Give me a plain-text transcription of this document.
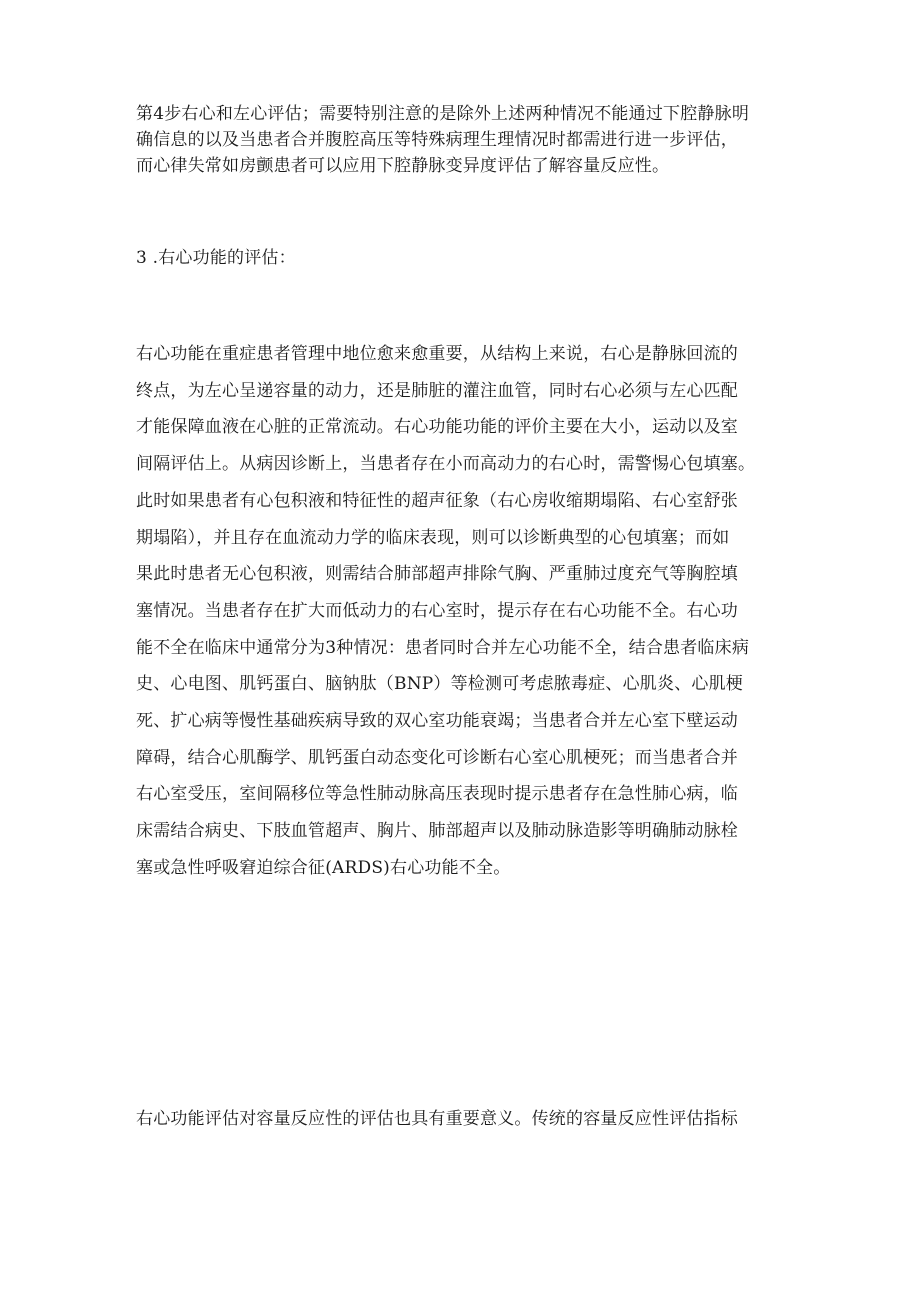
第4步右心和左心评估；需要特别注意的是除外上述两种情况不能通过下腔静脉明
确信息的以及当患者合并腹腔高压等特殊病理生理情况时都需进行进一步评估，
而心律失常如房颤患者可以应用下腔静脉变异度评估了解容量反应性。

3 .右心功能的评估：

右心功能在重症患者管理中地位愈来愈重要，从结构上来说，右心是静脉回流的
终点，为左心呈递容量的动力，还是肺脏的灌注血管，同时右心必须与左心匹配
才能保障血液在心脏的正常流动。右心功能功能的评价主要在大小，运动以及室
间隔评估上。从病因诊断上，当患者存在小而高动力的右心时，需警惕心包填塞。
此时如果患者有心包积液和特征性的超声征象（右心房收缩期塌陷、右心室舒张
期塌陷），并且存在血流动力学的临床表现，则可以诊断典型的心包填塞；而如
果此时患者无心包积液，则需结合肺部超声排除气胸、严重肺过度充气等胸腔填
塞情况。当患者存在扩大而低动力的右心室时，提示存在右心功能不全。右心功
能不全在临床中通常分为3种情况：患者同时合并左心功能不全，结合患者临床病
史、心电图、肌钙蛋白、脑钠肽（BNP）等检测可考虑脓毒症、心肌炎、心肌梗
死、扩心病等慢性基础疾病导致的双心室功能衰竭；当患者合并左心室下壁运动
障碍，结合心肌酶学、肌钙蛋白动态变化可诊断右心室心肌梗死；而当患者合并
右心室受压，室间隔移位等急性肺动脉高压表现时提示患者存在急性肺心病，临
床需结合病史、下肢血管超声、胸片、肺部超声以及肺动脉造影等明确肺动脉栓
塞或急性呼吸窘迫综合征(ARDS)右心功能不全。

右心功能评估对容量反应性的评估也具有重要意义。传统的容量反应性评估指标
